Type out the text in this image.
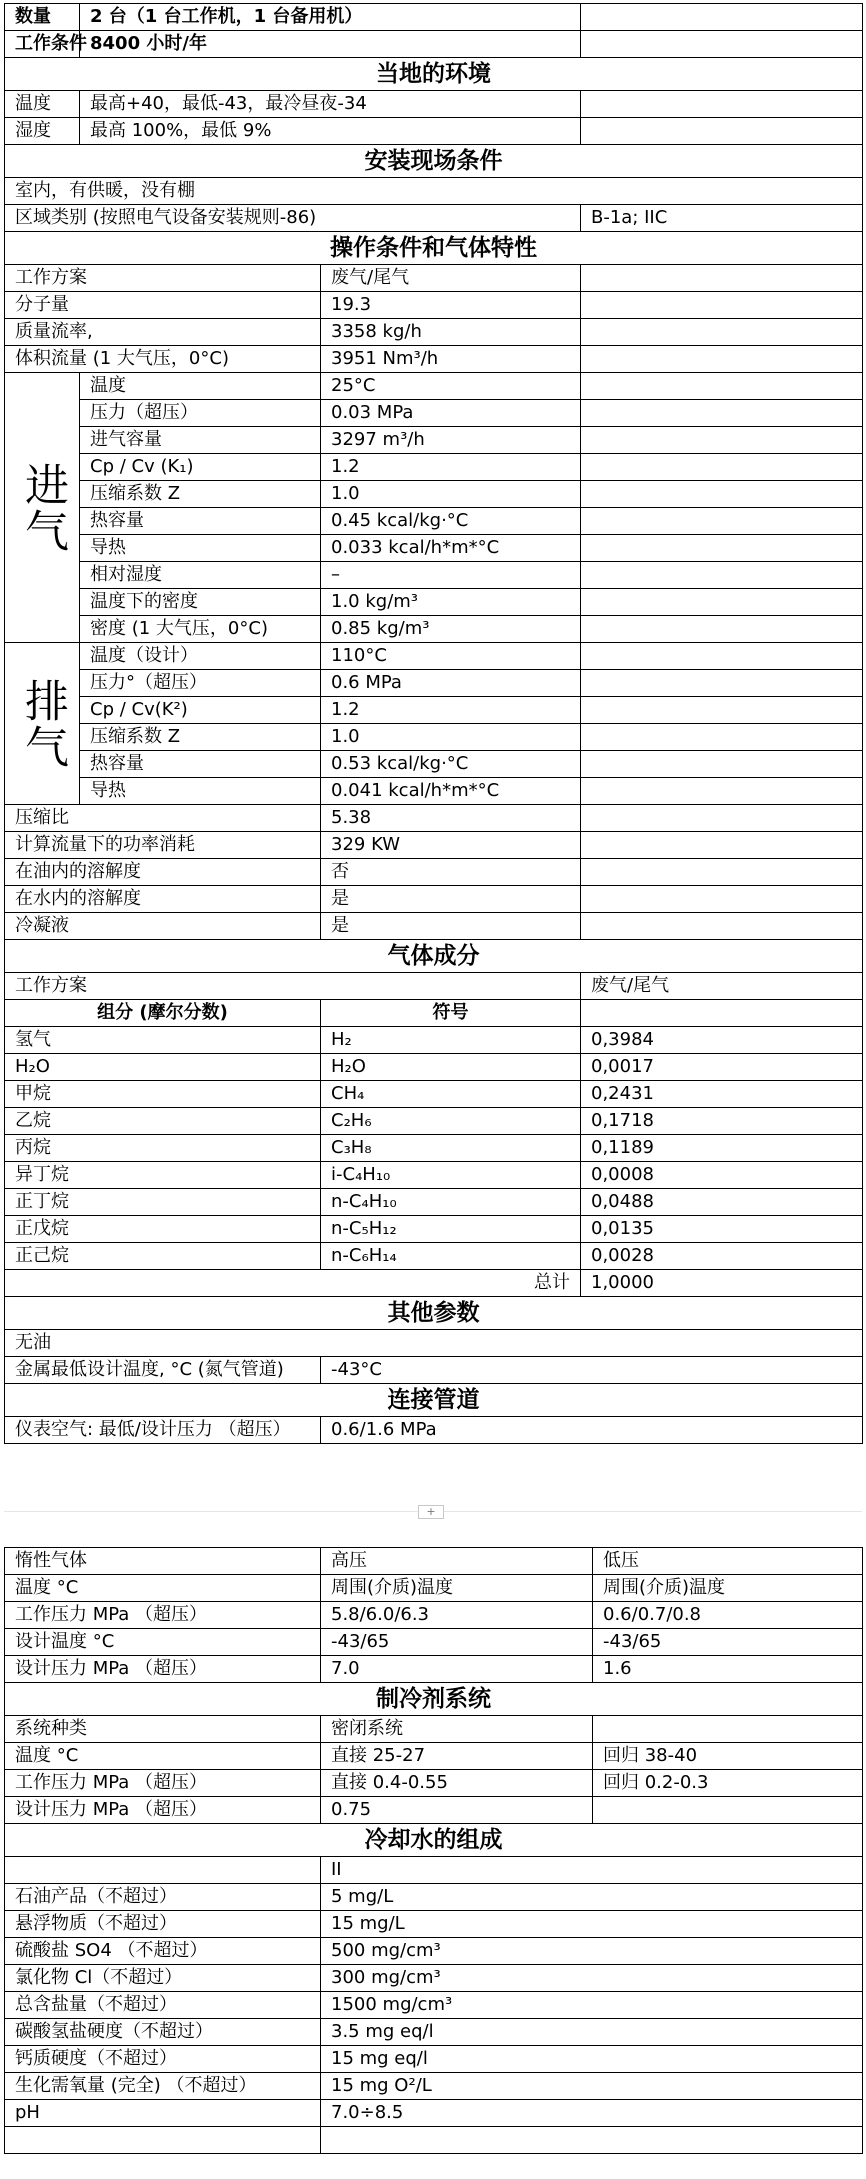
数量	2 台（1 台工作机，1 台备用机）		
工作条件	8400 小时/年		
当地的环境			
温度	最高+40，最低-43，最冷昼夜-34		
湿度	最高 100%，最低 9%		
安装现场条件			
室内，有供暖，没有棚			
区域类别 (按照电气设备安装规则-86)			B-1a; IIC
操作条件和气体特性			
工作方案		废气/尾气	
分子量		19.3	
质量流率,		3358 kg/h	
体积流量 (1 大气压，0°C)		3951 Nm³/h	
进气	温度	25°C	
	压力（超压）	0.03 MPa	
	进气容量	3297 m³/h	
	Cp / Cv (K₁)	1.2	
	压缩系数 Z	1.0	
	热容量	0.45 kcal/kg·°C	
	导热	0.033 kcal/h*m*°C	
	相对湿度	–	
	温度下的密度	1.0 kg/m³	
	密度 (1 大气压，0°C)	0.85 kg/m³	
排气	温度（设计）	110°C	
	压力°（超压）	0.6 MPa	
	Cp / Cv(K²)	1.2	
	压缩系数 Z	1.0	
	热容量	0.53 kcal/kg·°C	
	导热	0.041 kcal/h*m*°C	
压缩比		5.38	
计算流量下的功率消耗		329 KW	
在油内的溶解度		否	
在水内的溶解度		是	
冷凝液		是	
气体成分			
工作方案			废气/尾气
组分 (摩尔分数)		符号	
氢气		H₂	0,3984
H₂O		H₂O	0,0017
甲烷		CH₄	0,2431
乙烷		C₂H₆	0,1718
丙烷		C₃H₈	0,1189
异丁烷		i-C₄H₁₀	0,0008
正丁烷		n-C₄H₁₀	0,0488
正戊烷		n-C₅H₁₂	0,0135
正己烷		n-C₆H₁₄	0,0028
总计			1,0000
其他参数			
无油			
金属最低设计温度, °C (氮气管道)		-43°C	
连接管道			
仪表空气: 最低/设计压力 （超压）		0.6/1.6 MPa	
+
惰性气体	高压	低压
温度 °C	周围(介质)温度	周围(介质)温度
工作压力 MPa （超压）	5.8/6.0/6.3	0.6/0.7/0.8
设计温度 °C	-43/65	-43/65
设计压力 MPa （超压）	7.0	1.6
制冷剂系统		
系统种类	密闭系统	
温度 °C	直接 25-27	回归 38-40
工作压力 MPa （超压）	直接 0.4-0.55	回归 0.2-0.3
设计压力 MPa （超压）	0.75	
冷却水的组成		
	II	
石油产品（不超过）	5 mg/L	
悬浮物质（不超过）	15 mg/L	
硫酸盐 SO4 （不超过）	500 mg/cm³	
氯化物 Cl（不超过）	300 mg/cm³	
总含盐量（不超过）	1500 mg/cm³	
碳酸氢盐硬度（不超过）	3.5 mg eq/l	
钙质硬度（不超过）	15 mg eq/l	
生化需氧量 (完全) （不超过）	15 mg O²/L	
pH	7.0÷8.5	
